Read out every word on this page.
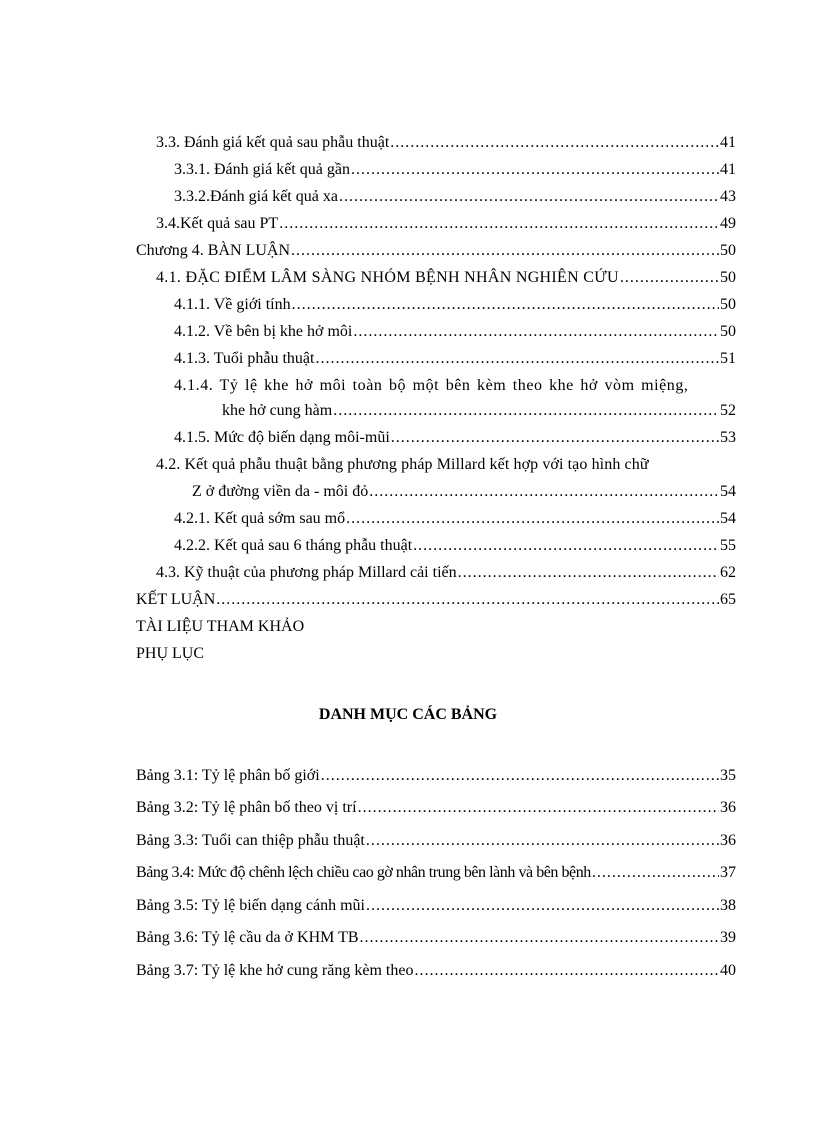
3.3. Đánh giá kết quả sau phẫu thuật .....	41
3.3.1. Đánh giá kết quả gần .....	41
3.3.2.Đánh giá kết quả xa .....	43
3.4.Kết quả sau PT .....	49
Chương 4. BÀN LUẬN .....	50
4.1. ĐẶC ĐIỂM LÂM SÀNG NHÓM BỆNH NHÂN NGHIÊN CỨU .....	50
4.1.1. Về giới tính .....	50
4.1.2. Về bên bị khe hở môi .....	50
4.1.3. Tuổi phẫu thuật .....	51
4.1.4. Tỷ lệ khe hở môi toàn bộ một bên kèm theo khe hở vòm miệng,
khe hở cung hàm .....	52
4.1.5. Mức độ biến dạng môi-mũi .....	53
4.2. Kết quả phẫu thuật bằng phương pháp Millard kết hợp với tạo hình chữ
Z ở đường viền da - môi đỏ .....	54
4.2.1. Kết quả sớm sau mổ .....	54
4.2.2. Kết quả sau 6 tháng phẫu thuật .....	55
4.3. Kỹ thuật của phương pháp Millard cải tiến .....	62
KẾT LUẬN .....	65
TÀI LIỆU THAM KHẢO
PHỤ LỤC
DANH MỤC CÁC BẢNG
Bảng 3.1: Tỷ lệ phân bố giới .....	35
Bảng 3.2: Tỷ lệ phân bố theo vị trí .....	36
Bảng 3.3: Tuổi can thiệp phẫu thuật .....	36
Bảng 3.4: Mức độ chênh lệch chiều cao gờ nhân trung bên lành và bên bệnh .....	37
Bảng 3.5: Tỷ lệ biến dạng cánh mũi .....	38
Bảng 3.6: Tỷ lệ cầu da ở KHM TB .....	39
Bảng 3.7: Tỷ lệ khe hở cung răng kèm theo .....	40
